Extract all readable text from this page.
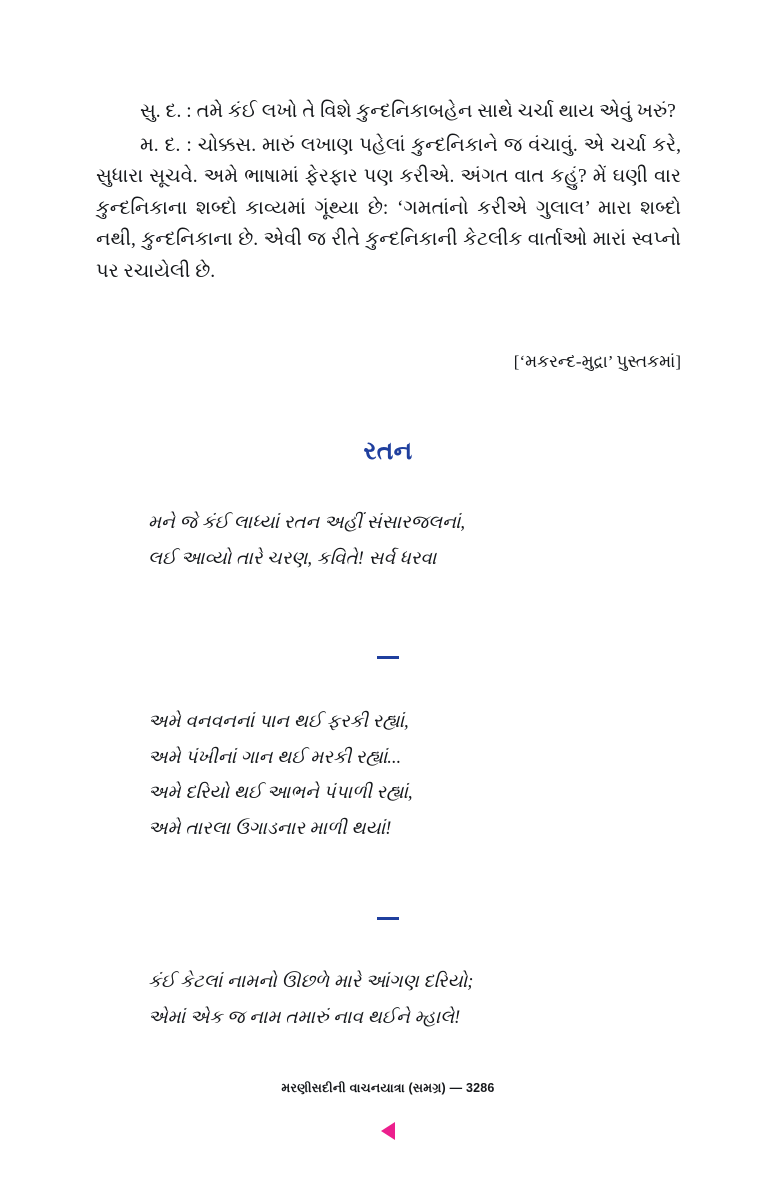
સુ. દ. : તમે કંઈ લખો તે વિશે કુન્દનિકાબહેન સાથે ચર્ચા થાય એવું ખરું?

મ. દ. : ચોક્કસ. મારું લખાણ પહેલાં કુન્દનિકાને જ વંચાવું. એ ચર્ચા કરે, સુધારા સૂચવે. અમે ભાષામાં ફેરફાર પણ કરીએ. અંગત વાત કહું? મેં ઘણી વાર કુન્દનિકાના શબ્દો કાવ્યમાં ગૂંથ્યા છે: ‘ગમતાંનો કરીએ ગુલાલ’ મારા શબ્દો નથી, કુન્દનિકાના છે. એવી જ રીતે કુન્દનિકાની કેટલીક વાર્તાઓ મારાં સ્વપ્નો પર રચાયેલી છે.

[‘મકરન્દ-મુદ્રા’ પુસ્તકમાં]
રતન
મને જે કંઈ લાધ્યાં રતન અહીં સંસારજલનાં,
લઈ આવ્યો તારે ચરણ, કવિતે! સર્વ ધરવા
અમે વનવનનાં પાન થઈ ફરકી રહ્યાં,
અમે પંખીનાં ગાન થઈ મરકી રહ્યાં...
અમે દરિયો થઈ આભને પંપાળી રહ્યાં,
અમે તારલા ઉગાડનાર માળી થયાં!
કંઈ કેટલાં નામનો ઊછળે મારે આંગણ દરિયો;
એમાં એક જ નામ તમારું નાવ થઈને મ્હાલે!
મરણીસદીની વાચનયાત્રા (સમગ્ર) — 3286
